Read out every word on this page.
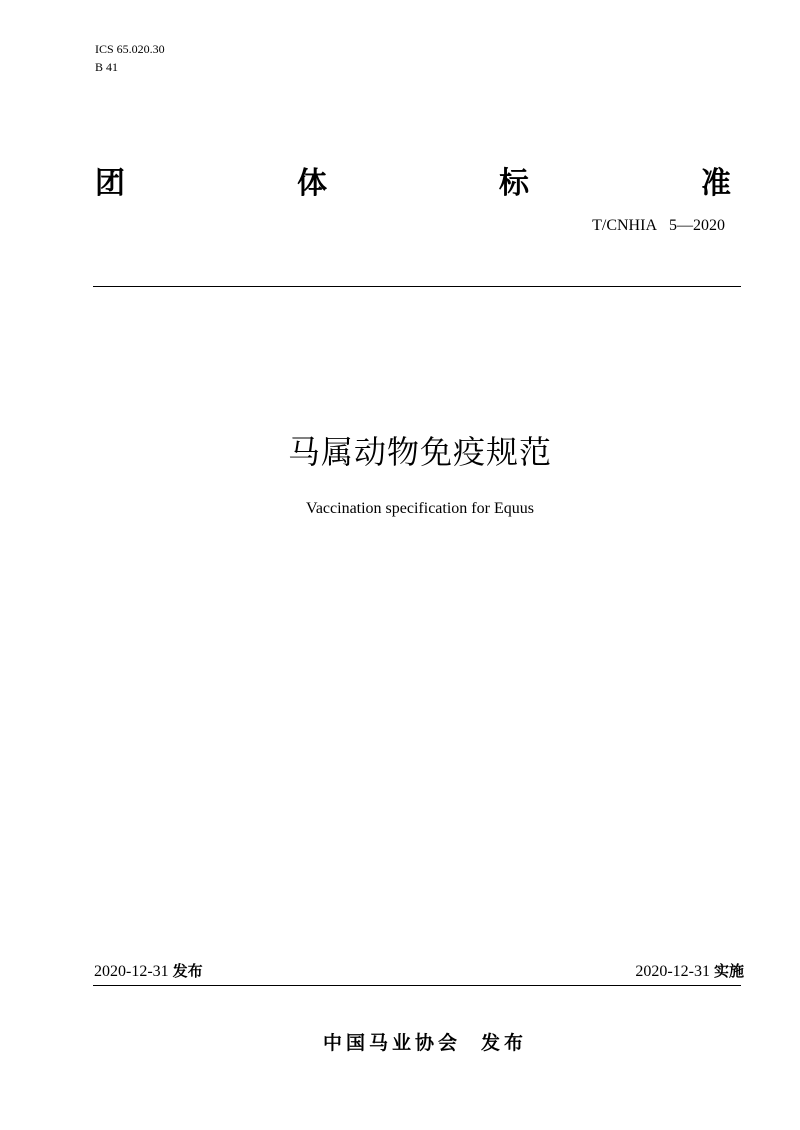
ICS 65.020.30
B 41
团	体	标	准
T/CNHIA   5—2020
马属动物免疫规范
Vaccination specification for Equus
2020-12-31 发布	2020-12-31 实施
中国马业协会 发布
